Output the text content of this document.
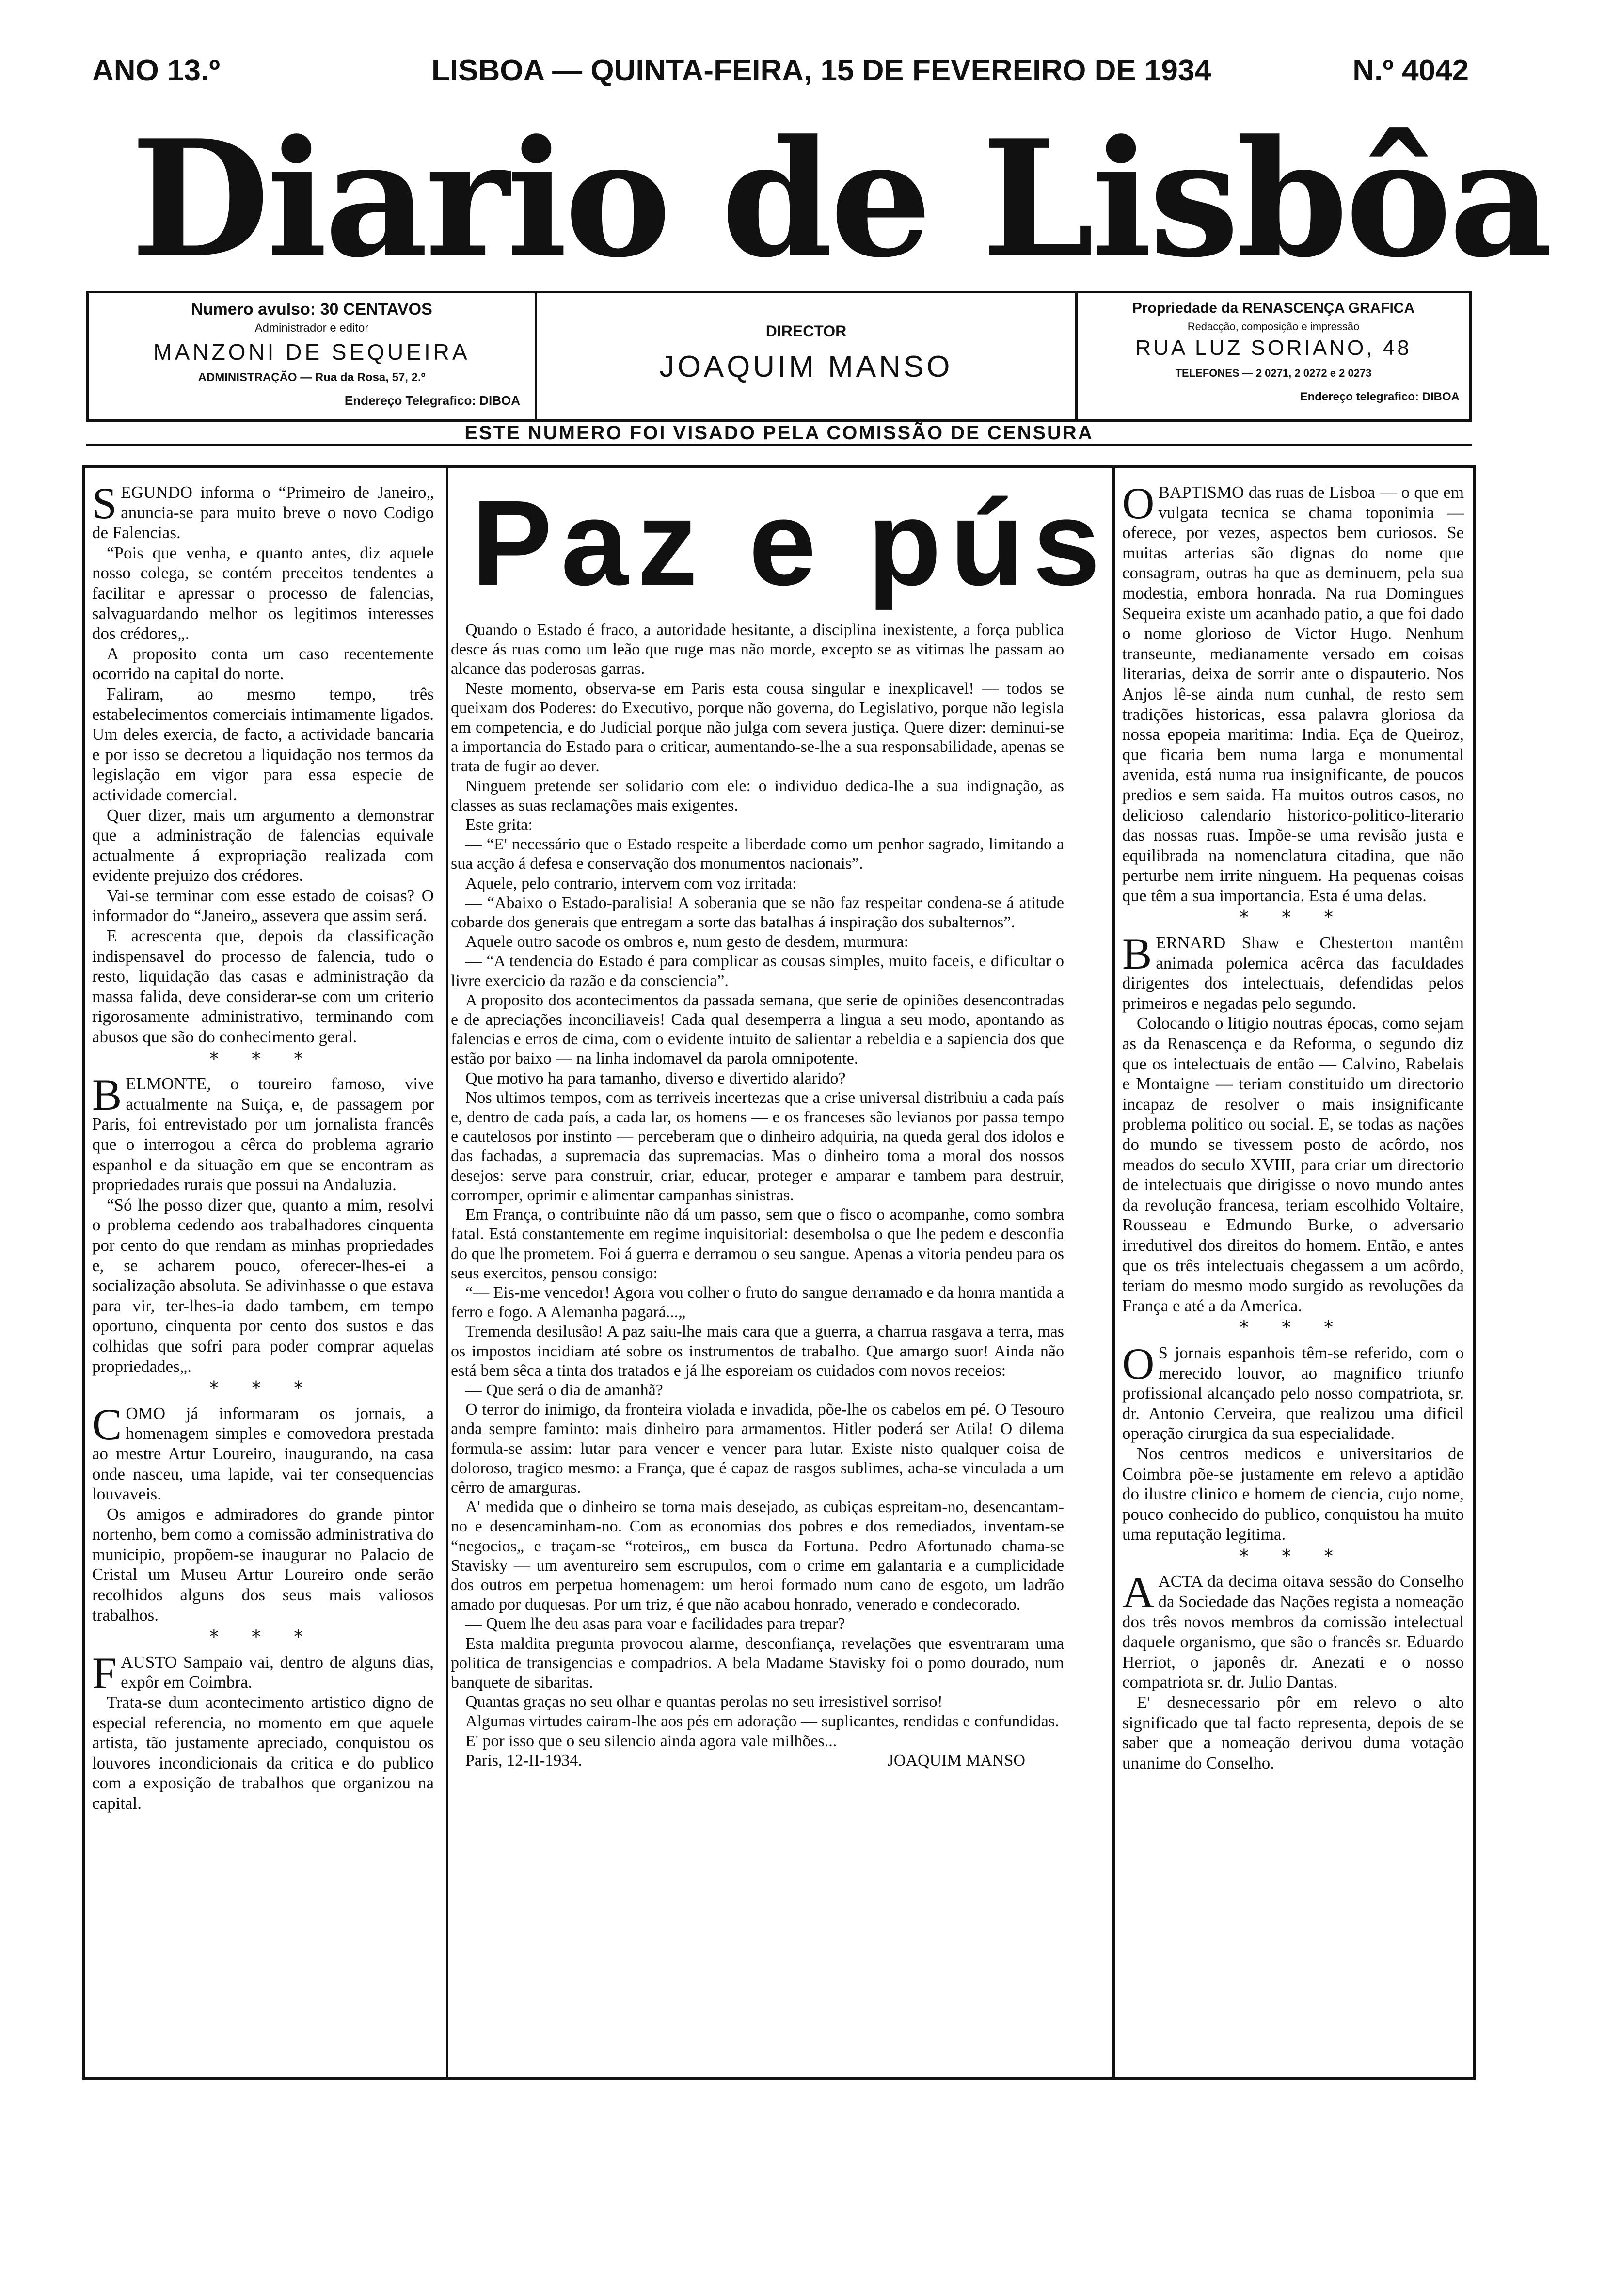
ANO 13.º	LISBOA — QUINTA-FEIRA, 15 DE FEVEREIRO DE 1934	N.º 4042
Diario de Lisbôa
Numero avulso: 30 CENTAVOS
Administrador e editor
MANZONI DE SEQUEIRA
ADMINISTRAÇÃO — Rua da Rosa, 57, 2.º
Endereço Telegrafico: DIBOA
DIRECTOR
JOAQUIM MANSO
Propriedade da RENASCENÇA GRAFICA
Redacção, composição e impressão
RUA LUZ SORIANO, 48
TELEFONES — 2 0271, 2 0272 e 2 0273
Endereço telegrafico: DIBOA
ESTE NUMERO FOI VISADO PELA COMISSÃO DE CENSURA

SEGUNDO informa o “Primeiro de Janeiro„ anuncia-se para muito breve o novo Codigo de Falencias.

“Pois que venha, e quanto antes, diz aquele nosso colega, se contém preceitos tendentes a facilitar e apressar o processo de falencias, salvaguardando melhor os legitimos interesses dos crédores„.

A proposito conta um caso recentemente ocorrido na capital do norte.

Faliram, ao mesmo tempo, três estabelecimentos comerciais intimamente ligados. Um deles exercia, de facto, a actividade bancaria e por isso se decretou a liquidação nos termos da legislação em vigor para essa especie de actividade comercial.

Quer dizer, mais um argumento a demonstrar que a administração de falencias equivale actualmente á expropriação realizada com evidente prejuizo dos crédores.

Vai-se terminar com esse estado de coisas? O informador do “Janeiro„ assevera que assim será.

E acrescenta que, depois da classificação indispensavel do processo de falencia, tudo o resto, liquidação das casas e administração da massa falida, deve considerar-se com um criterio rigorosamente administrativo, terminando com abusos que são do conhecimento geral.

* * *

BELMONTE, o toureiro famoso, vive actualmente na Suiça, e, de passagem por Paris, foi entrevistado por um jornalista francês que o interrogou a cêrca do problema agrario espanhol e da situação em que se encontram as propriedades rurais que possui na Andaluzia.

“Só lhe posso dizer que, quanto a mim, resolvi o problema cedendo aos trabalhadores cinquenta por cento do que rendam as minhas propriedades e, se acharem pouco, oferecer-lhes-ei a socialização absoluta. Se adivinhasse o que estava para vir, ter-lhes-ia dado tambem, em tempo oportuno, cinquenta por cento dos sustos e das colhidas que sofri para poder comprar aquelas propriedades„.

* * *

COMO já informaram os jornais, a homenagem simples e comovedora prestada ao mestre Artur Loureiro, inaugurando, na casa onde nasceu, uma lapide, vai ter consequencias louvaveis.

Os amigos e admiradores do grande pintor nortenho, bem como a comissão administrativa do municipio, propõem-se inaugurar no Palacio de Cristal um Museu Artur Loureiro onde serão recolhidos alguns dos seus mais valiosos trabalhos.

* * *

FAUSTO Sampaio vai, dentro de alguns dias, expôr em Coimbra.

Trata-se dum acontecimento artistico digno de especial referencia, no momento em que aquele artista, tão justamente apreciado, conquistou os louvores incondicionais da critica e do publico com a exposição de trabalhos que organizou na capital.

Paz e pús

Quando o Estado é fraco, a autoridade hesitante, a disciplina inexistente, a força publica desce ás ruas como um leão que ruge mas não morde, excepto se as vitimas lhe passam ao alcance das poderosas garras.

Neste momento, observa-se em Paris esta cousa singular e inexplicavel! — todos se queixam dos Poderes: do Executivo, porque não governa, do Legislativo, porque não legisla em competencia, e do Judicial porque não julga com severa justiça. Quere dizer: deminui-se a importancia do Estado para o criticar, aumentando-se-lhe a sua responsabilidade, apenas se trata de fugir ao dever.

Ninguem pretende ser solidario com ele: o individuo dedica-lhe a sua indignação, as classes as suas reclamações mais exigentes.

Este grita:

— “E' necessário que o Estado respeite a liberdade como um penhor sagrado, limitando a sua acção á defesa e conservação dos monumentos nacionais”.

Aquele, pelo contrario, intervem com voz irritada:

— “Abaixo o Estado-paralisia! A soberania que se não faz respeitar condena-se á atitude cobarde dos generais que entregam a sorte das batalhas á inspiração dos subalternos”.

Aquele outro sacode os ombros e, num gesto de desdem, murmura:

— “A tendencia do Estado é para complicar as cousas simples, muito faceis, e dificultar o livre exercicio da razão e da consciencia”.

A proposito dos acontecimentos da passada semana, que serie de opiniões desencontradas e de apreciações inconciliaveis! Cada qual desemperra a lingua a seu modo, apontando as falencias e erros de cima, com o evidente intuito de salientar a rebeldia e a sapiencia dos que estão por baixo — na linha indomavel da parola omnipotente.

Que motivo ha para tamanho, diverso e divertido alarido?

Nos ultimos tempos, com as terriveis incertezas que a crise universal distribuiu a cada país e, dentro de cada país, a cada lar, os homens — e os franceses são levianos por passa tempo e cautelosos por instinto — perceberam que o dinheiro adquiria, na queda geral dos idolos e das fachadas, a supremacia das supremacias. Mas o dinheiro toma a moral dos nossos desejos: serve para construir, criar, educar, proteger e amparar e tambem para destruir, corromper, oprimir e alimentar campanhas sinistras.

Em França, o contribuinte não dá um passo, sem que o fisco o acompanhe, como sombra fatal. Está constantemente em regime inquisitorial: desembolsa o que lhe pedem e desconfia do que lhe prometem. Foi á guerra e derramou o seu sangue. Apenas a vitoria pendeu para os seus exercitos, pensou consigo:

“— Eis-me vencedor! Agora vou colher o fruto do sangue derramado e da honra mantida a ferro e fogo. A Alemanha pagará...„

Tremenda desilusão! A paz saiu-lhe mais cara que a guerra, a charrua rasgava a terra, mas os impostos incidiam até sobre os instrumentos de trabalho. Que amargo suor! Ainda não está bem sêca a tinta dos tratados e já lhe esporeiam os cuidados com novos receios:

— Que será o dia de amanhã?

O terror do inimigo, da fronteira violada e invadida, põe-lhe os cabelos em pé. O Tesouro anda sempre faminto: mais dinheiro para armamentos. Hitler poderá ser Atila! O dilema formula-se assim: lutar para vencer e vencer para lutar. Existe nisto qualquer coisa de doloroso, tragico mesmo: a França, que é capaz de rasgos sublimes, acha-se vinculada a um cêrro de amarguras.

A' medida que o dinheiro se torna mais desejado, as cubiças espreitam-no, desencantam-no e desencaminham-no. Com as economias dos pobres e dos remediados, inventam-se “negocios„ e traçam-se “roteiros„ em busca da Fortuna. Pedro Afortunado chama-se Stavisky — um aventureiro sem escrupulos, com o crime em galantaria e a cumplicidade dos outros em perpetua homenagem: um heroi formado num cano de esgoto, um ladrão amado por duquesas. Por um triz, é que não acabou honrado, venerado e condecorado.

— Quem lhe deu asas para voar e facilidades para trepar?

Esta maldita pregunta provocou alarme, desconfiança, revelações que esventraram uma politica de transigencias e compadrios. A bela Madame Stavisky foi o pomo dourado, num banquete de sibaritas.

Quantas graças no seu olhar e quantas perolas no seu irresistivel sorriso!

Algumas virtudes cairam-lhe aos pés em adoração — suplicantes, rendidas e confundidas.

E' por isso que o seu silencio ainda agora vale milhões...

Paris, 12-II-1934.	JOAQUIM MANSO

OBAPTISMO das ruas de Lisboa — o que em vulgata tecnica se chama toponimia — oferece, por vezes, aspectos bem curiosos. Se muitas arterias são dignas do nome que consagram, outras ha que as deminuem, pela sua modestia, embora honrada. Na rua Domingues Sequeira existe um acanhado patio, a que foi dado o nome glorioso de Victor Hugo. Nenhum transeunte, medianamente versado em coisas literarias, deixa de sorrir ante o dispauterio. Nos Anjos lê-se ainda num cunhal, de resto sem tradições historicas, essa palavra gloriosa da nossa epopeia maritima: India. Eça de Queiroz, que ficaria bem numa larga e monumental avenida, está numa rua insignificante, de poucos predios e sem saida. Ha muitos outros casos, no delicioso calendario historico-politico-literario das nossas ruas. Impõe-se uma revisão justa e equilibrada na nomenclatura citadina, que não perturbe nem irrite ninguem. Ha pequenas coisas que têm a sua importancia. Esta é uma delas.

* * *

BERNARD Shaw e Chesterton mantêm animada polemica acêrca das faculdades dirigentes dos intelectuais, defendidas pelos primeiros e negadas pelo segundo.

Colocando o litigio noutras épocas, como sejam as da Renascença e da Reforma, o segundo diz que os intelectuais de então — Calvino, Rabelais e Montaigne — teriam constituido um directorio incapaz de resolver o mais insignificante problema politico ou social. E, se todas as nações do mundo se tivessem posto de acôrdo, nos meados do seculo XVIII, para criar um directorio de intelectuais que dirigisse o novo mundo antes da revolução francesa, teriam escolhido Voltaire, Rousseau e Edmundo Burke, o adversario irredutivel dos direitos do homem. Então, e antes que os três intelectuais chegassem a um acôrdo, teriam do mesmo modo surgido as revoluções da França e até a da America.

* * *

O S jornais espanhois têm-se referido, com o merecido louvor, ao magnifico triunfo profissional alcançado pelo nosso compatriota, sr. dr. Antonio Cerveira, que realizou uma dificil operação cirurgica da sua especialidade.

Nos centros medicos e universitarios de Coimbra põe-se justamente em relevo a aptidão do ilustre clinico e homem de ciencia, cujo nome, pouco conhecido do publico, conquistou ha muito uma reputação legitima.

* * *

AACTA da decima oitava sessão do Conselho da Sociedade das Nações regista a nomeação dos três novos membros da comissão intelectual daquele organismo, que são o francês sr. Eduardo Herriot, o japonês dr. Anezati e o nosso compatriota sr. dr. Julio Dantas.

E' desnecessario pôr em relevo o alto significado que tal facto representa, depois de se saber que a nomeação derivou duma votação unanime do Conselho.
